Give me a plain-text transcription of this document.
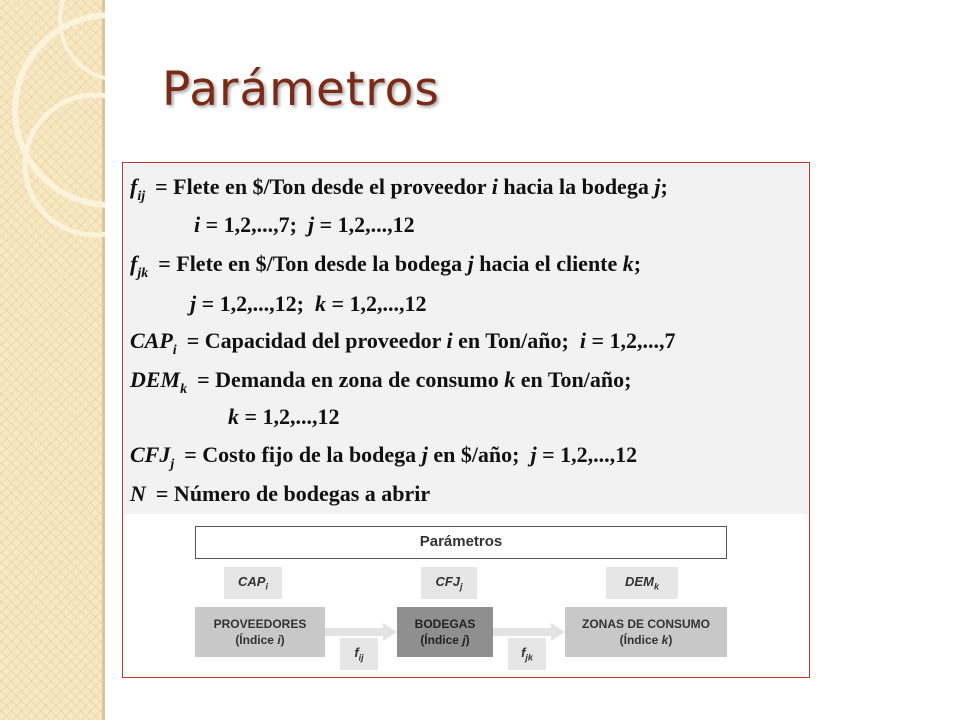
Parámetros
$f_{ij}$ = Flete en $/Ton desde el proveedor i hacia la bodega j;
i = 1,2,...,7;  j = 1,2,...,12
$f_{jk}$ = Flete en $/Ton desde la bodega j hacia el cliente k;
j = 1,2,...,12;  k = 1,2,...,12
$CAP_i$ = Capacidad del proveedor i en Ton/año;  i = 1,2,...,7
$DEM_k$ = Demanda en zona de consumo k en Ton/año;
k = 1,2,...,12
$CFJ_j$ = Costo fijo de la bodega j en $/año;  j = 1,2,...,12
N = Número de bodegas a abrir
Parámetros
$CAP_i$	$CFJ_j$	$DEM_k$
PROVEEDORES
(Índice i)
BODEGAS
(Índice j)
ZONAS DE CONSUMO
(Índice k)
$f_{ij}$	$f_{jk}$
